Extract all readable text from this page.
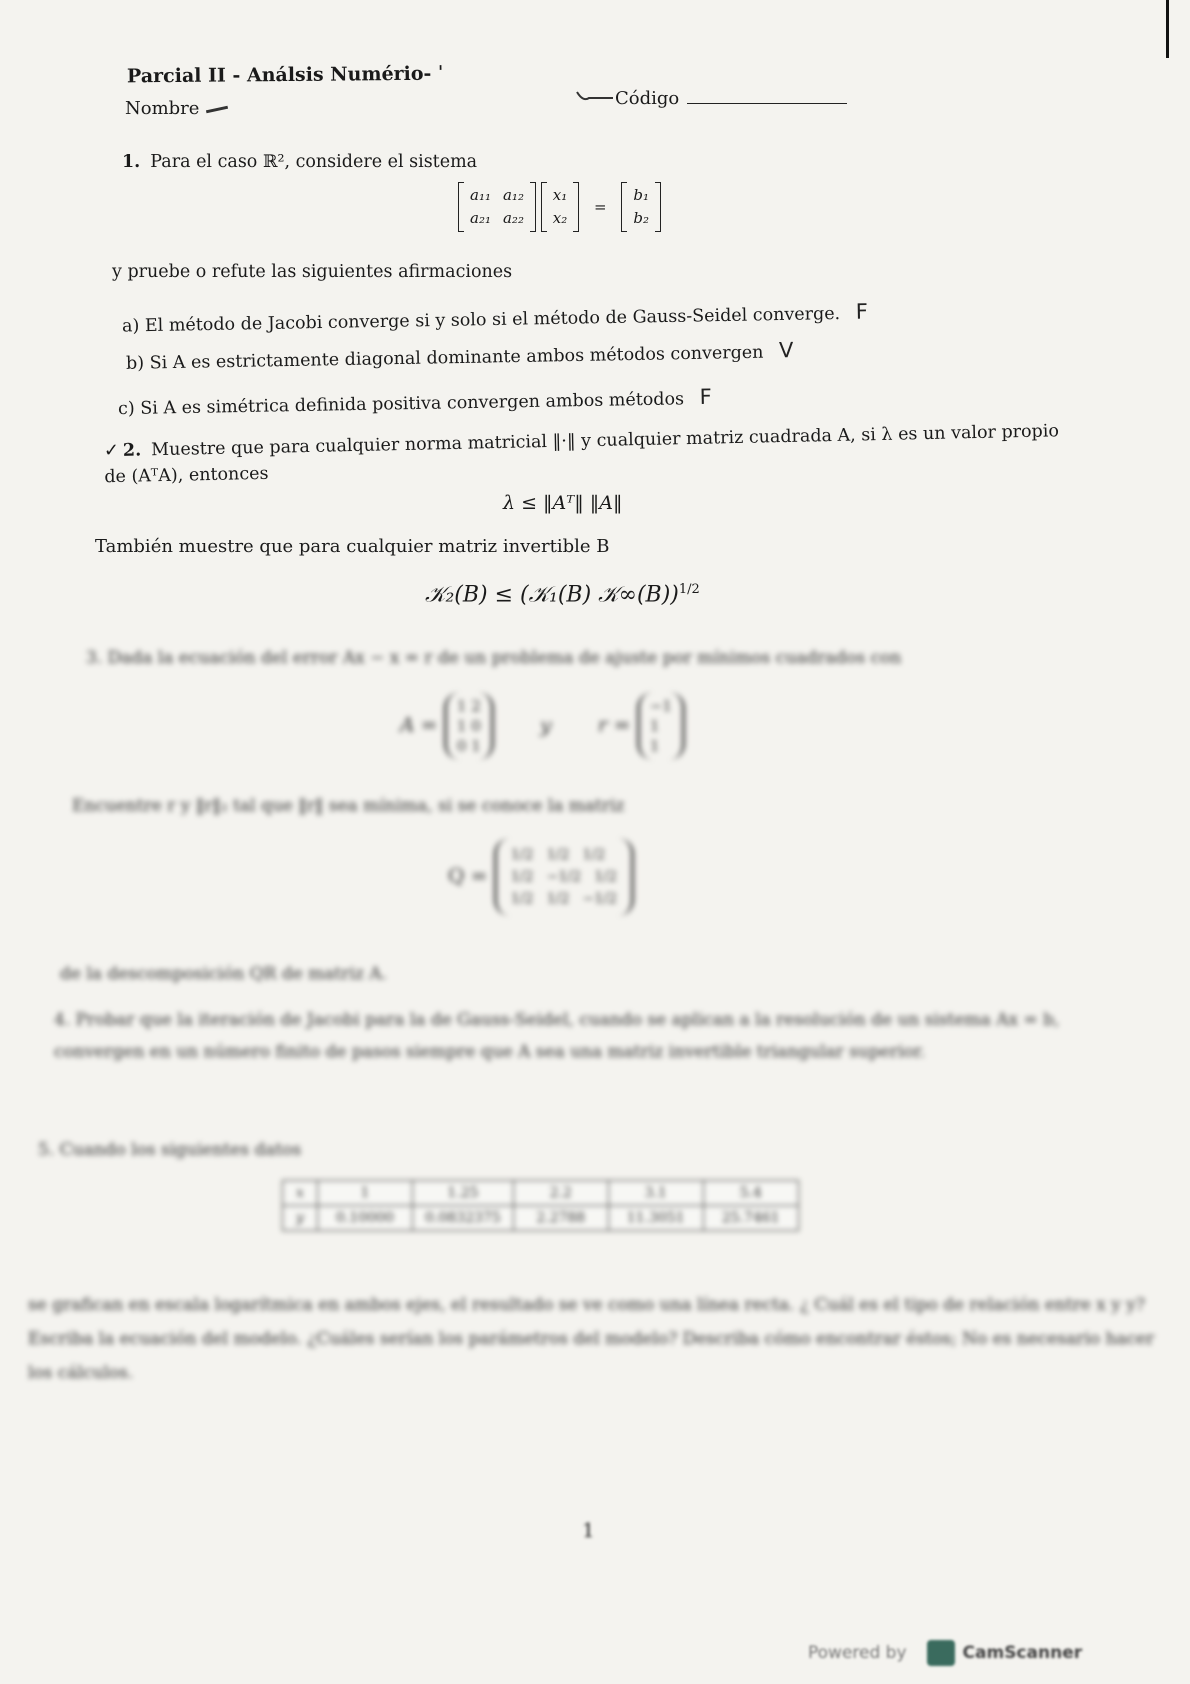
Parcial II - Análsis Numério- ˈ
Nombre	Código
1. Para el caso ℝ², considere el sistema
a₁₁	a₁₂
a₂₁	a₂₂

x₁
x₂
=
b₁
b₂
y pruebe o refute las siguientes afirmaciones
a) El método de Jacobi converge si y solo si el método de Gauss-Seidel converge. F
b) Si A es estrictamente diagonal dominante ambos métodos convergen V
c) Si A es simétrica definida positiva convergen ambos métodos F
✓ 2. Muestre que para cualquier norma matricial ‖·‖ y cualquier matriz cuadrada A, si λ es un valor propio de (AᵀA), entonces
λ ≤ ‖Aᵀ‖ ‖A‖
También muestre que para cualquier matriz invertible B
𝒦₂(B) ≤ (𝒦₁(B) 𝒦∞(B))$^{1/2}$
3. Dada la ecuación del error Ax − x = r de un problema de ajuste por mínimos cuadrados con
A = 1 2
1 0
0 1 y r = −1
1
1
Encuentre r y ‖r‖₂ tal que ‖r‖ sea mínima, si se conoce la matriz
Q = 1/2 1/2 1/2
1/2 −1/2 1/2
1/2 1/2 −1/2
de la descomposición QR de matriz A.
4. Probar que la iteración de Jacobi para la de Gauss-Seidel, cuando se aplican a la resolución de un sistema Ax = b, convergen en un número finito de pasos siempre que A sea una matriz invertible triangular superior.
5. Cuando los siguientes datos
x	1	1.25	2.2	3.1	5.4
y	0.10000	0.0832375	2.2788	11.3051	25.7461
se grafican en escala logarítmica en ambos ejes, el resultado se ve como una línea recta. ¿ Cuál es el tipo de relación entre x y y? Escriba la ecuación del modelo. ¿Cuáles serían los parámetros del modelo? Describa cómo encontrar éstos; No es necesario hacer los cálculos.
1
Powered by	CamScanner
